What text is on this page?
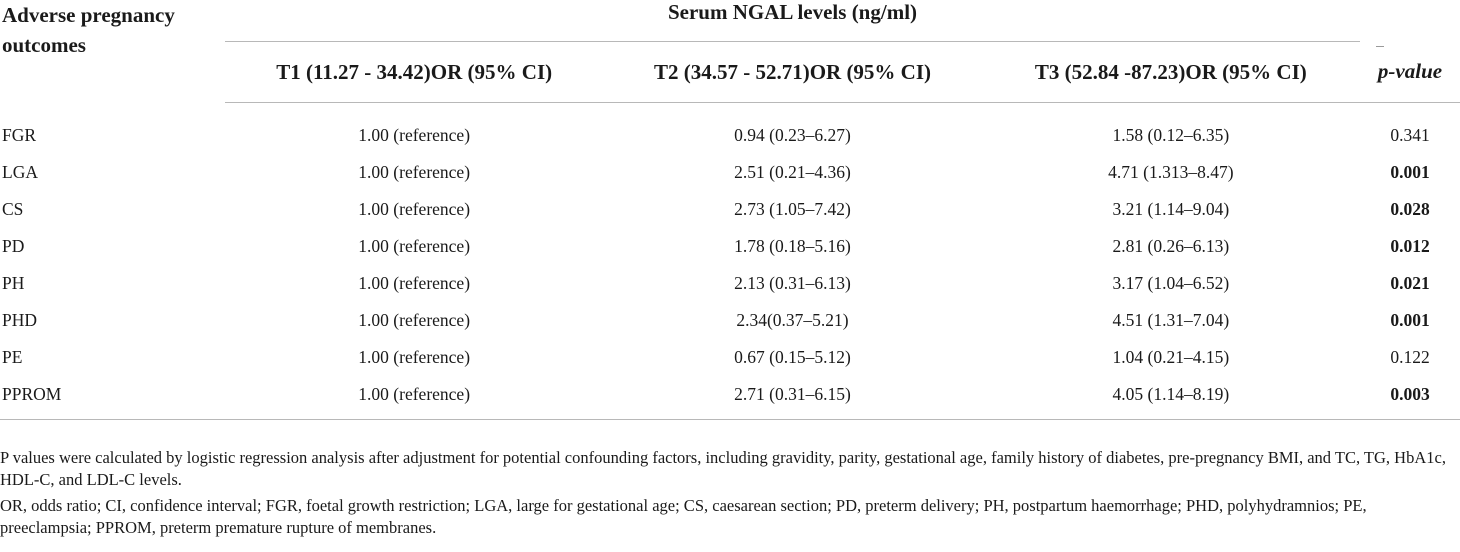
Adverse pregnancy outcomes	Serum NGAL levels (ng/ml)			
	T1 (11.27 - 34.42)OR (95% CI)	T2 (34.57 - 52.71)OR (95% CI)	T3 (52.84 -87.23)OR (95% CI)	p-value
FGR	1.00 (reference)	0.94 (0.23–6.27)	1.58 (0.12–6.35)	0.341
LGA	1.00 (reference)	2.51 (0.21–4.36)	4.71 (1.313–8.47)	0.001
CS	1.00 (reference)	2.73 (1.05–7.42)	3.21 (1.14–9.04)	0.028
PD	1.00 (reference)	1.78 (0.18–5.16)	2.81 (0.26–6.13)	0.012
PH	1.00 (reference)	2.13 (0.31–6.13)	3.17 (1.04–6.52)	0.021
PHD	1.00 (reference)	2.34(0.37–5.21)	4.51 (1.31–7.04)	0.001
PE	1.00 (reference)	0.67 (0.15–5.12)	1.04 (0.21–4.15)	0.122
PPROM	1.00 (reference)	2.71 (0.31–6.15)	4.05 (1.14–8.19)	0.003

P values were calculated by logistic regression analysis after adjustment for potential confounding factors, including gravidity, parity, gestational age, family history of diabetes, pre-pregnancy BMI, and TC, TG, HbA1c, HDL-C, and LDL-C levels.

OR, odds ratio; CI, confidence interval; FGR, foetal growth restriction; LGA, large for gestational age; CS, caesarean section; PD, preterm delivery; PH, postpartum haemorrhage; PHD, polyhydramnios; PE, preeclampsia; PPROM, preterm premature rupture of membranes.
